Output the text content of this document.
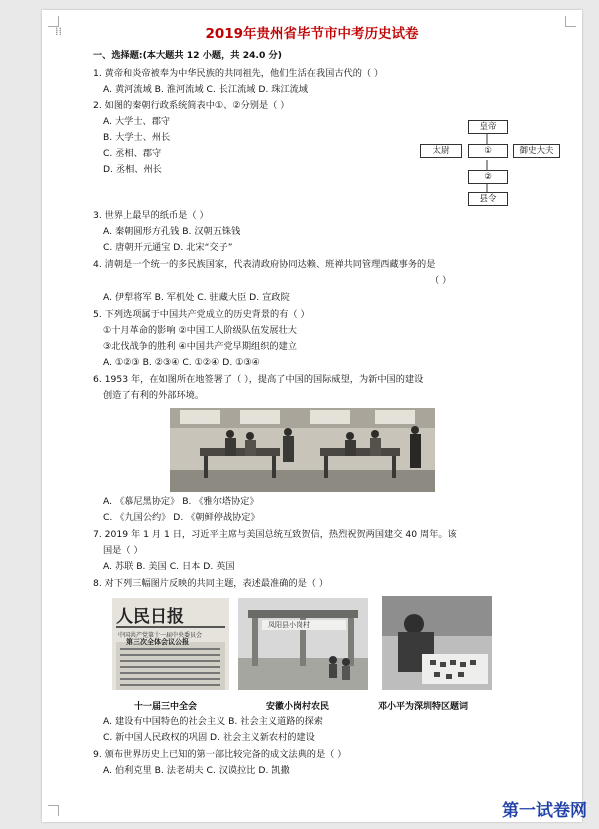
⁞⁞	2019年贵州省毕节市中考历史试卷
一、选择题:(本大题共 12 小题，共 24.0 分)
1. 黄帝和炎帝被奉为中华民族的共同祖先，他们生活在我国古代的（ ）
A. 黄河流域 B. 淮河流域 C. 长江流域 D. 珠江流域
2. 如图的秦朝行政系统简表中①、②分别是（ ）
A. 大学士、郡守
B. 大学士、州长
C. 丞相、郡守
D. 丞相、州长
皇帝
太尉	①	御史大夫
②
县令
3. 世界上最早的纸币是（ ）
A. 秦朝圆形方孔钱 B. 汉朝五铢钱
C. 唐朝开元通宝 D. 北宋“交子”
4. 清朝是一个统一的多民族国家，代表清政府协同达赖、班禅共同管理西藏事务的是
（ ）
A. 伊犁将军 B. 军机处 C. 驻藏大臣 D. 宣政院
5. 下列选项属于中国共产党成立的历史背景的有（ ）
①十月革命的影响 ②中国工人阶级队伍发展壮大
③北伐战争的胜利 ④中国共产党早期组织的建立
A. ①②③ B. ②③④ C. ①②④ D. ①③④
6. 1953 年，在如图所在地签署了（ ），提高了中国的国际威望，为新中国的建设
创造了有利的外部环境。
A. 《慕尼黑协定》 B. 《雅尔塔协定》
C. 《九国公约》 D. 《朝鲜停战协定》
7. 2019 年 1 月 1 日，习近平主席与美国总统互致贺信，热烈祝贺两国建交 40 周年。该
国是（ ）
A. 苏联 B. 美国 C. 日本 D. 英国
8. 对下列三幅图片反映的共同主题，表述最准确的是（ ）
人民日报
中国共产党第十一届中央委员会
第三次全体会议公报
凤阳县小岗村
十一届三中全会	安徽小岗村农民	邓小平为深圳特区题词
A. 建设有中国特色的社会主义 B. 社会主义道路的探索
C. 新中国人民政权的巩固 D. 社会主义新农村的建设
9. 颁布世界历史上已知的第一部比较完备的成文法典的是（ ）
A. 伯利克里 B. 法老胡夫 C. 汉谟拉比 D. 凯撒
第一试卷网
